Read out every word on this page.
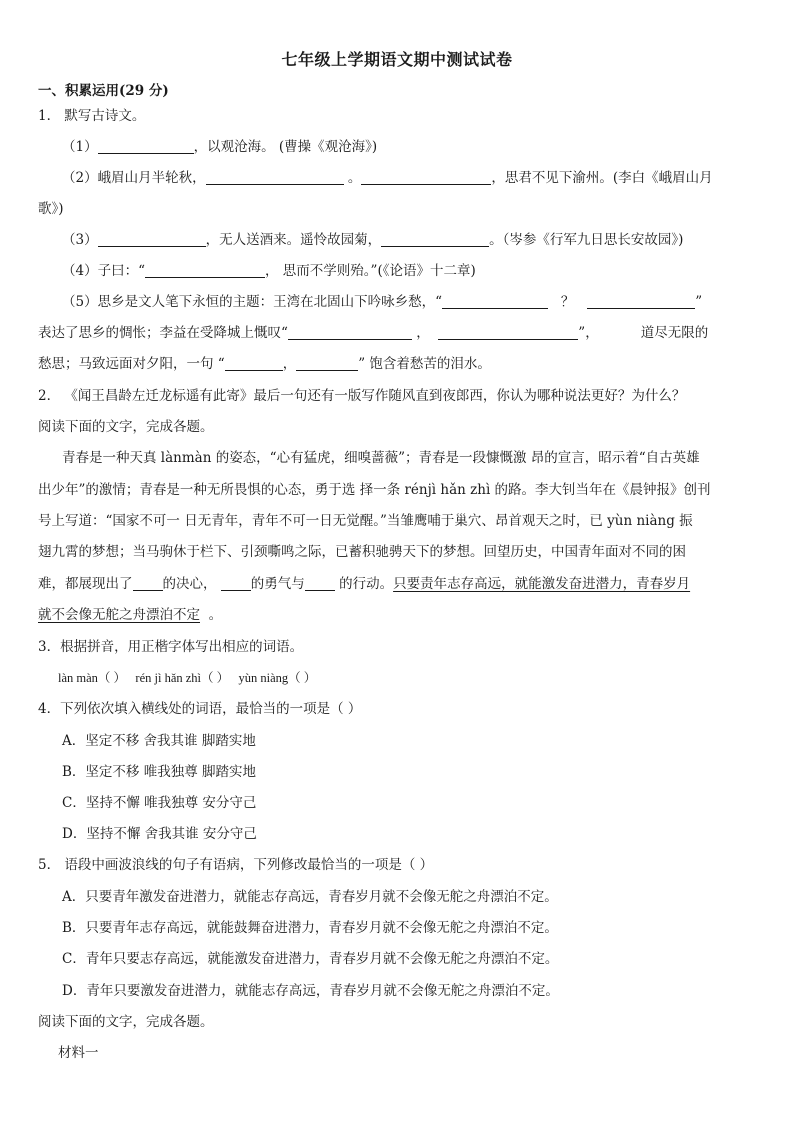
七年级上学期语文期中测试试卷
一、积累运用(29 分)
1． 默写古诗文。
（1）	，以观沧海。 (曹操《观沧海》)
（2）峨眉山月半轮秋，	。	，思君不见下渝州。(李白《峨眉山月
歌》)
（3）	，无人送酒来。遥怜故园菊，	。（岑参《行军九日思长安故园》)
（4）子曰：“	， 思而不学则殆。”(《论语》十二章)
（5）思乡是文人笔下永恒的主题：王湾在北固山下吟咏乡愁，“	？	”
表达了思乡的惆怅；李益在受降城上慨叹“	，	”，	道尽无限的
愁思；马致远面对夕阳，一句 “	，	” 饱含着愁苦的泪水。
2． 《闻王昌龄左迁龙标遥有此寄》最后一句还有一版写作随风直到夜郎西，你认为哪种说法更好？为什么？
阅读下面的文字，完成各题。
青春是一种天真 lànmàn 的姿态，“心有猛虎，细嗅蔷薇”；青春是一段慷慨激 昂的宣言，昭示着“自古英雄
出少年”的激情；青春是一种无所畏惧的心态，勇于选 择一条 rénjì hǎn zhì 的路。李大钊当年在《晨钟报》创刊
号上写道：“国家不可一 日无青年，青年不可一日无觉醒。”当雏鹰哺于巢穴、昂首观天之时，已 yùn niàng 振
翅九霄的梦想；当马驹休于栏下、引颈嘶鸣之际，已蓄积驰骋天下的梦想。回望历史，中国青年面对不同的困
难，都展现出了 的决心，	的勇气与	的行动。只要责年志存高远，就能激发奋进潜力，青春岁月
就不会像无舵之舟漂泊不定 。
3．根据拼音，用正楷字体写出相应的词语。
làn màn（ ） rén jì hǎn zhì（ ） yùn niàng（ ）
4．下列依次填入横线处的词语，最恰当的一项是（ ）
A．坚定不移 舍我其谁 脚踏实地
B．坚定不移 唯我独尊 脚踏实地
C．坚持不懈 唯我独尊 安分守己
D．坚持不懈 舍我其谁 安分守己
5． 语段中画波浪线的句子有语病，下列修改最恰当的一项是（ ）
A．只要青年激发奋进潜力，就能志存高远，青春岁月就不会像无舵之舟漂泊不定。
B．只要青年志存高远，就能鼓舞奋进潜力，青春岁月就不会像无舵之舟漂泊不定。
C．青年只要志存高远，就能激发奋进潜力，青春岁月就不会像无舵之舟漂泊不定。
D．青年只要激发奋进潜力，就能志存高远，青春岁月就不会像无舵之舟漂泊不定。
阅读下面的文字，完成各题。
材料一
